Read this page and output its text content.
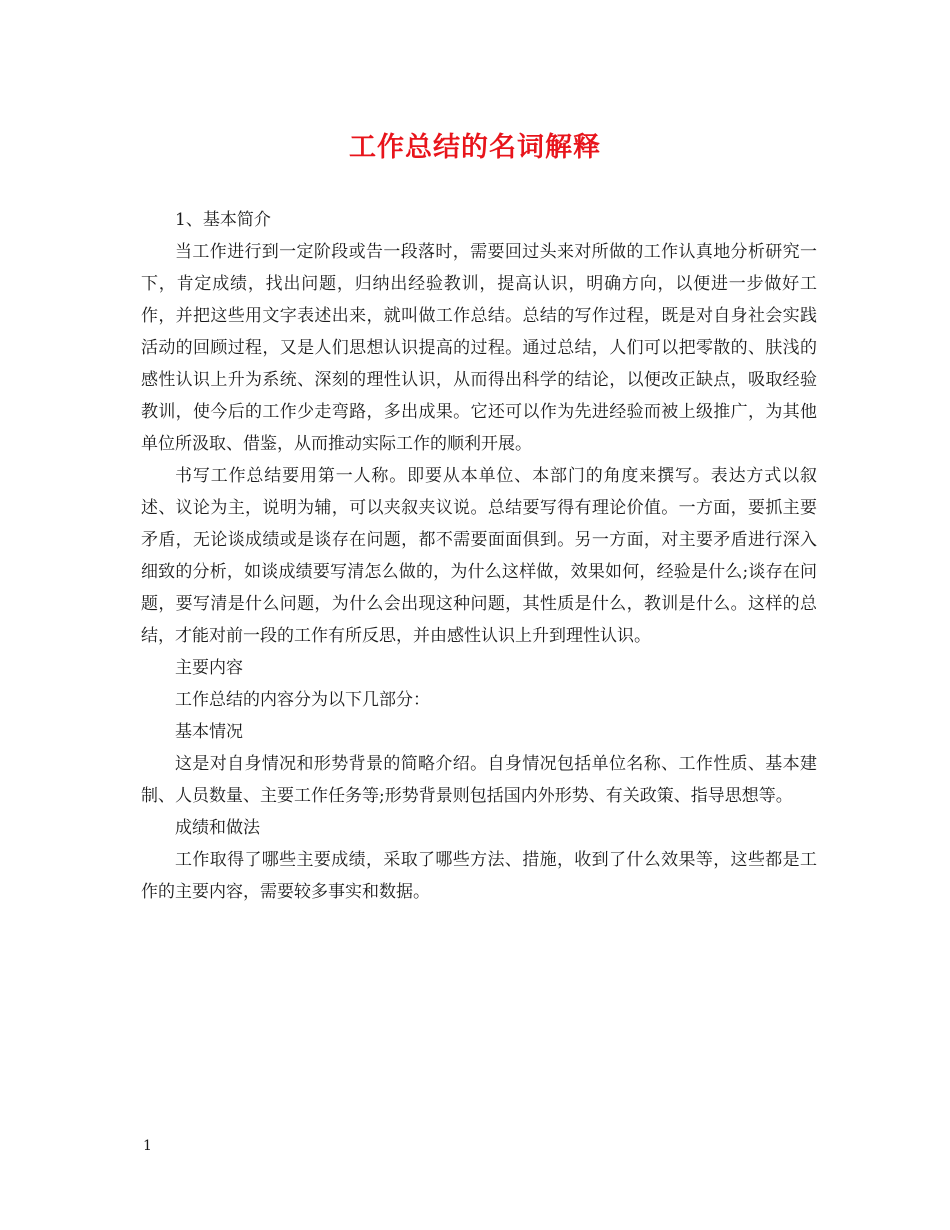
工作总结的名词解释

1、基本简介

当工作进行到一定阶段或告一段落时，需要回过头来对所做的工作认真地分析研究一下，肯定成绩，找出问题，归纳出经验教训，提高认识，明确方向，以便进一步做好工作，并把这些用文字表述出来，就叫做工作总结。总结的写作过程，既是对自身社会实践活动的回顾过程，又是人们思想认识提高的过程。通过总结，人们可以把零散的、肤浅的感性认识上升为系统、深刻的理性认识，从而得出科学的结论，以便改正缺点，吸取经验教训，使今后的工作少走弯路，多出成果。它还可以作为先进经验而被上级推广，为其他单位所汲取、借鉴，从而推动实际工作的顺利开展。

书写工作总结要用第一人称。即要从本单位、本部门的角度来撰写。表达方式以叙述、议论为主，说明为辅，可以夹叙夹议说。总结要写得有理论价值。一方面，要抓主要矛盾，无论谈成绩或是谈存在问题，都不需要面面俱到。另一方面，对主要矛盾进行深入细致的分析，如谈成绩要写清怎么做的，为什么这样做，效果如何，经验是什么;谈存在问题，要写清是什么问题，为什么会出现这种问题，其性质是什么，教训是什么。这样的总结，才能对前一段的工作有所反思，并由感性认识上升到理性认识。

主要内容

工作总结的内容分为以下几部分：

基本情况

这是对自身情况和形势背景的简略介绍。自身情况包括单位名称、工作性质、基本建制、人员数量、主要工作任务等;形势背景则包括国内外形势、有关政策、指导思想等。

成绩和做法

工作取得了哪些主要成绩，采取了哪些方法、措施，收到了什么效果等，这些都是工作的主要内容，需要较多事实和数据。

1
